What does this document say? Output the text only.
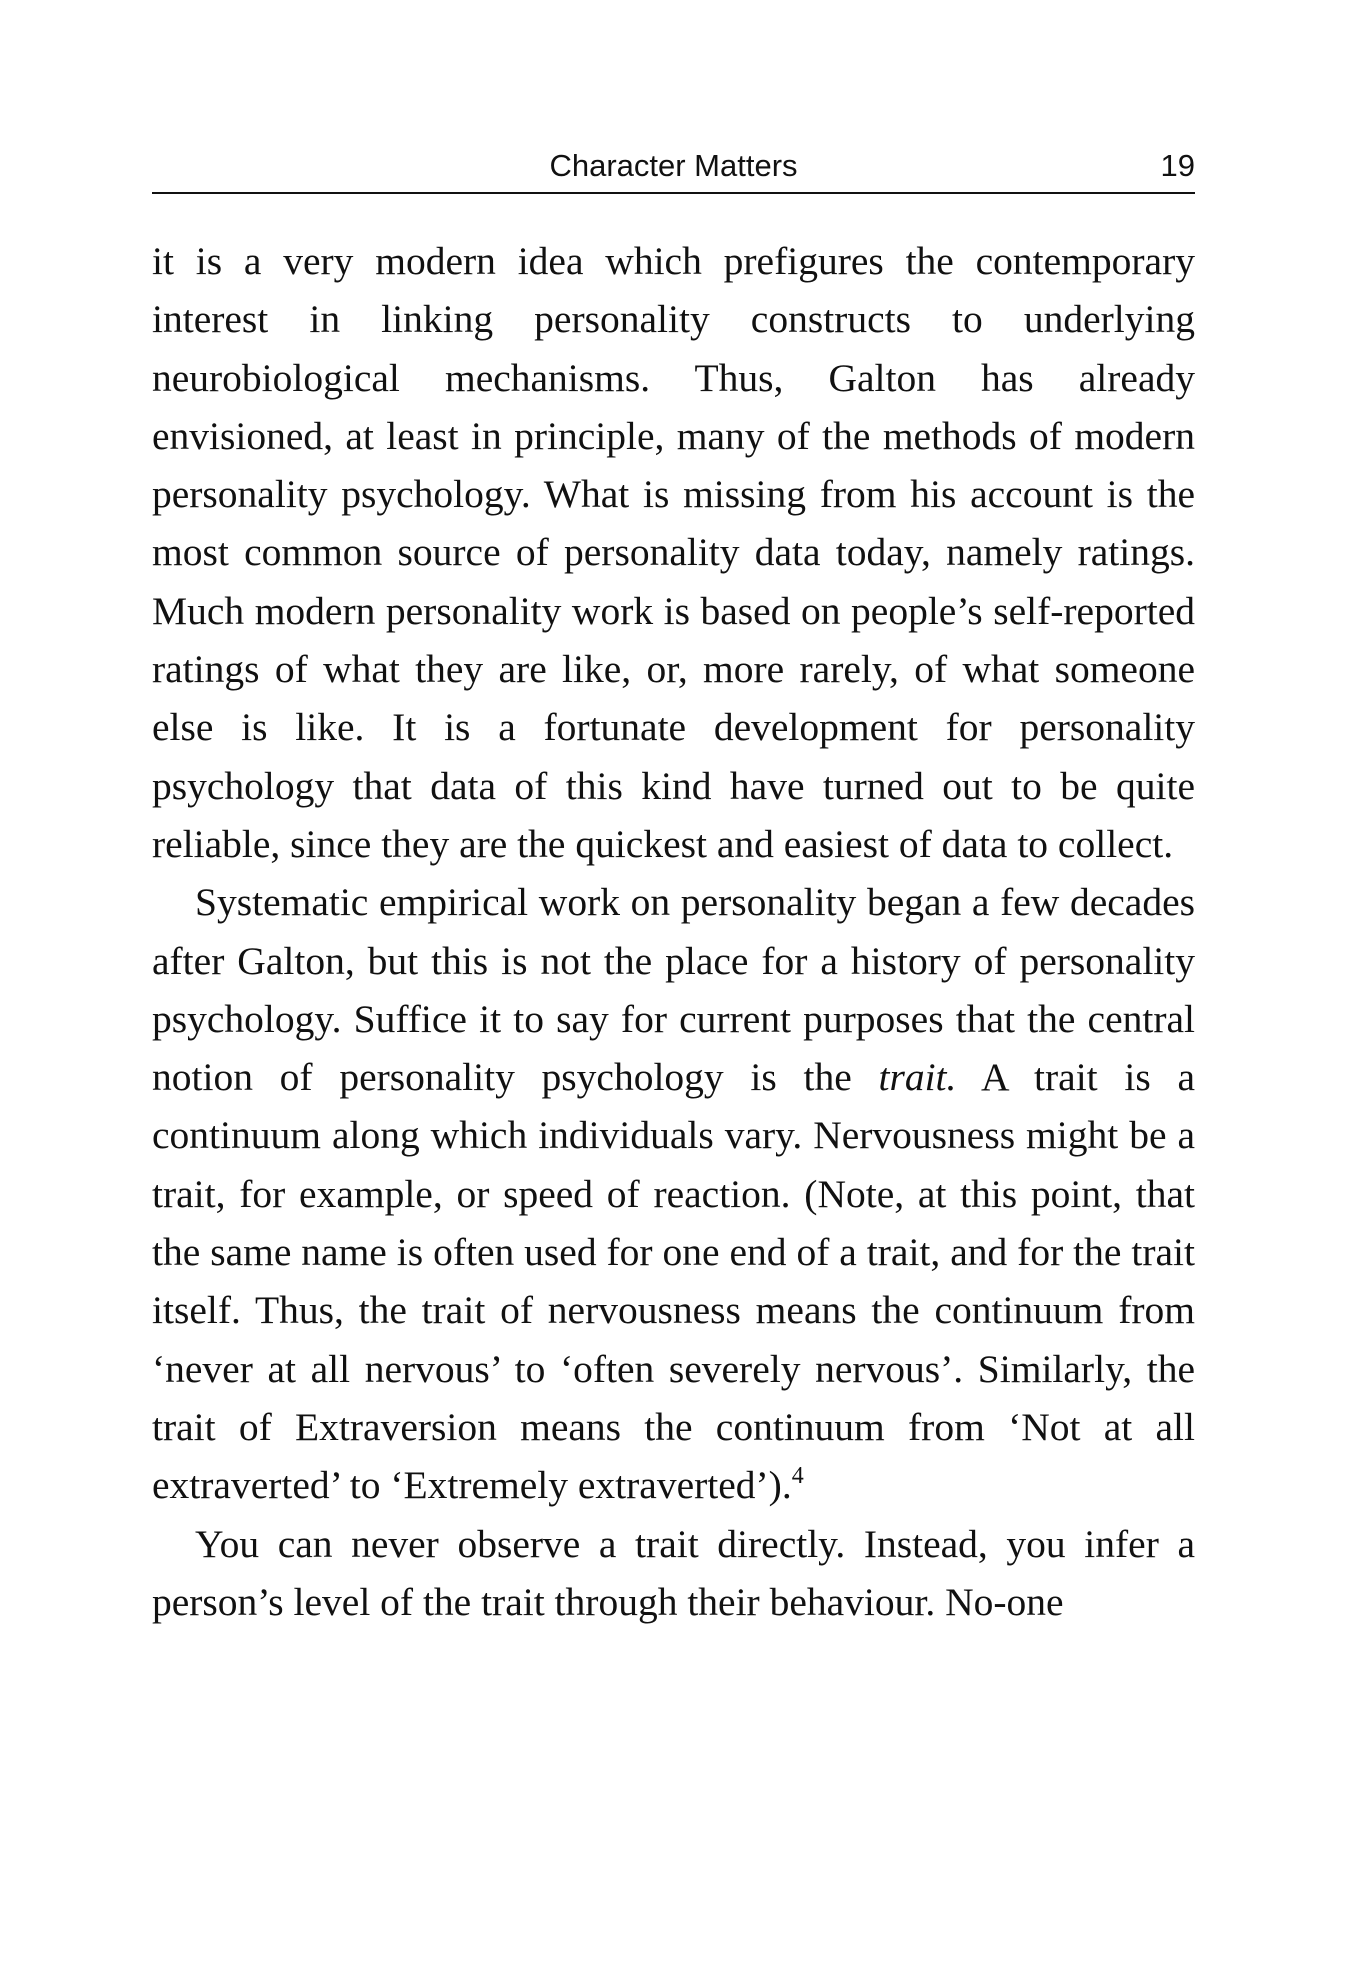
Character Matters	19

it is a very modern idea which prefigures the contemporary interest in linking personality constructs to underlying neurobiological mechanisms. Thus, Galton has already envisioned, at least in principle, many of the methods of modern personality psychology. What is missing from his account is the most common source of personality data today, namely ratings. Much modern personality work is based on people’s self-reported ratings of what they are like, or, more rarely, of what someone else is like. It is a fortunate development for personality psychology that data of this kind have turned out to be quite reliable, since they are the quickest and easiest of data to collect.

Systematic empirical work on personality began a few decades after Galton, but this is not the place for a history of personality psychology. Suffice it to say for current purposes that the central notion of personality psychology is the trait. A trait is a continuum along which individuals vary. Nervousness might be a trait, for example, or speed of reaction. (Note, at this point, that the same name is often used for one end of a trait, and for the trait itself. Thus, the trait of nervousness means the continuum from ‘never at all nervous’ to ‘often severely nervous’. Similarly, the trait of Extraversion means the continuum from ‘Not at all extraverted’ to ‘Extremely extraverted’).$^4$

You can never observe a trait directly. Instead, you infer a person’s level of the trait through their behaviour. No-one
